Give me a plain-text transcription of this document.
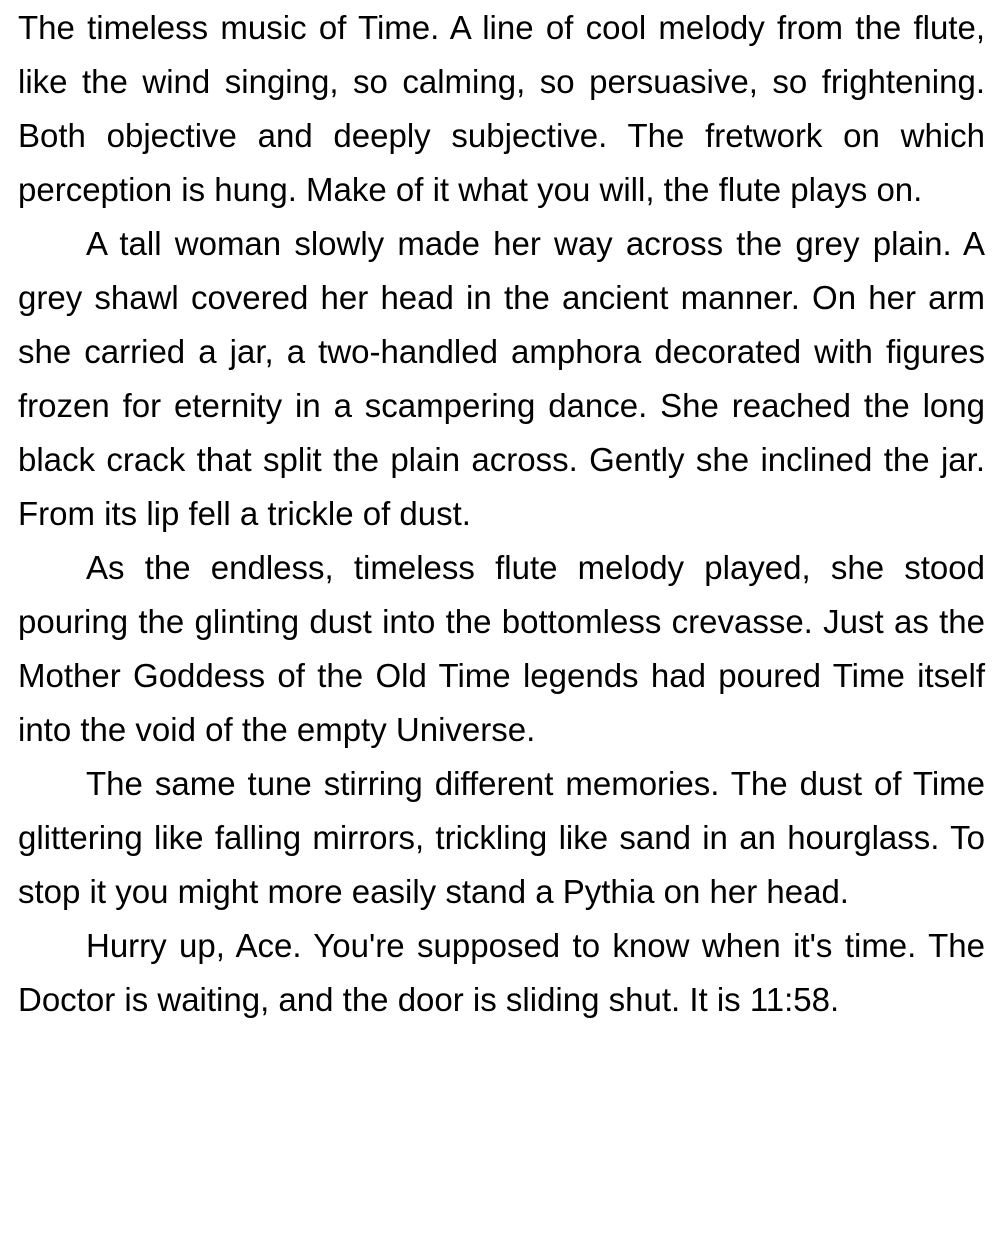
The timeless music of Time. A line of cool melody from the flute, like the wind singing, so calming, so persuasive, so frightening. Both objective and deeply subjective. The fretwork on which perception is hung. Make of it what you will, the flute plays on.

A tall woman slowly made her way across the grey plain. A grey shawl covered her head in the ancient manner. On her arm she carried a jar, a two-handled amphora decorated with figures frozen for eternity in a scampering dance. She reached the long black crack that split the plain across. Gently she inclined the jar. From its lip fell a trickle of dust.

As the endless, timeless flute melody played, she stood pouring the glinting dust into the bottomless crevasse. Just as the Mother Goddess of the Old Time legends had poured Time itself into the void of the empty Universe.

The same tune stirring different memories. The dust of Time glittering like falling mirrors, trickling like sand in an hourglass. To stop it you might more easily stand a Pythia on her head.

Hurry up, Ace. You're supposed to know when it's time. The Doctor is waiting, and the door is sliding shut. It is 11:58.
